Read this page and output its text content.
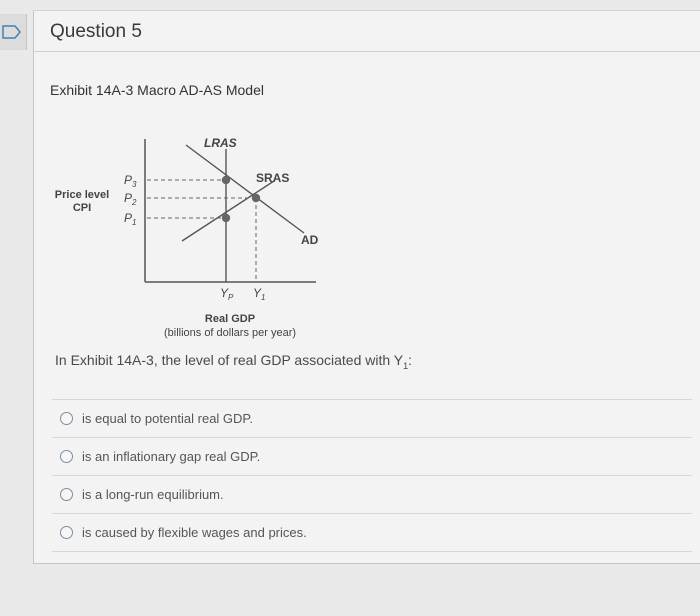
Question 5
Exhibit 14A-3 Macro AD-AS Model
LRAS
SRAS
AD
$P_3$
$P_2$
$P_1$
Price level
CPI
$Y_P$ $Y_1$
Real GDP
(billions of dollars per year)
In Exhibit 14A-3, the level of real GDP associated with $Y_1$:
is equal to potential real GDP.
is an inflationary gap real GDP.
is a long-run equilibrium.
is caused by flexible wages and prices.
